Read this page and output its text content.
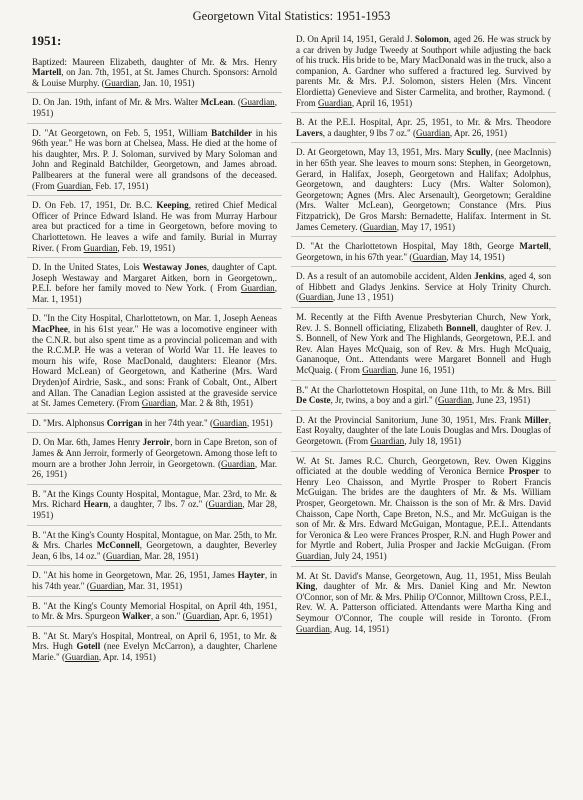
Georgetown Vital Statistics: 1951-1953
1951:
Baptized: Maureen Elizabeth, daughter of Mr. & Mrs. Henry Martell, on Jan. 7th, 1951, at St. James Church. Sponsors: Arnold & Louise Murphy. (Guardian, Jan. 10, 1951)
D. On Jan. 19th, infant of Mr. & Mrs. Walter McLean. (Guardian, 1951)
D. "At Georgetown, on Feb. 5, 1951, William Batchilder in his 96th year." He was born at Chelsea, Mass. He died at the home of his daughter, Mrs. P. J. Soloman, survived by Mary Soloman and John and Reginald Batchilder, Georgetown, and James abroad. Pallbearers at the funeral were all grandsons of the deceased. (From Guardian, Feb. 17, 1951)
D. On Feb. 17, 1951, Dr. B.C. Keeping, retired Chief Medical Officer of Prince Edward Island. He was from Murray Harbour area but practiced for a time in Georgetown, before moving to Charlottetown. He leaves a wife and family. Burial in Murray River. ( From Guardian, Feb. 19, 1951)
D. In the United States, Lois Westaway Jones, daughter of Capt. Joseph Westaway and Margaret Aitken, born in Georgetown,. P.E.I. before her family moved to New York. ( From Guardian, Mar. 1, 1951)
D. "In the City Hospital, Charlottetown, on Mar. 1, Joseph Aeneas MacPhee, in his 61st year." He was a locomotive engineer with the C.N.R. but also spent time as a provincial policeman and with the R.C.M.P. He was a veteran of World War 11. He leaves to mourn his wife, Rose MacDonald, daughters: Eleanor (Mrs. Howard McLean) of Georgetown, and Katherine (Mrs. Ward Dryden)of Airdrie, Sask., and sons: Frank of Cobalt, Ont., Albert and Allan. The Canadian Legion assisted at the graveside service at St. James Cemetery. (From Guardian, Mar. 2 & 8th, 1951)
D. "Mrs. Alphonsus Corrigan in her 74th year." (Guardian, 1951)
D. On Mar. 6th, James Henry Jerroir, born in Cape Breton, son of James & Ann Jerroir, formerly of Georgetown. Among those left to mourn are a brother John Jerroir, in Georgetown. (Guardian, Mar. 26, 1951)
B. "At the Kings County Hospital, Montague, Mar. 23rd, to Mr. & Mrs. Richard Hearn, a daughter, 7 lbs. 7 oz." (Guardian, Mar 28, 1951)
B. "At the King's County Hospital, Montague, on Mar. 25th, to Mr. & Mrs. Charles McConnell, Georgetown, a daughter, Beverley Jean, 6 lbs, 14 oz." (Guardian, Mar. 28, 1951)
D. "At his home in Georgetown, Mar. 26, 1951, James Hayter, in his 74th year." (Guardian, Mar. 31, 1951)
B. "At the King's County Memorial Hospital, on April 4th, 1951, to Mr. & Mrs. Spurgeon Walker, a son." (Guardian, Apr. 6, 1951)
B. "At St. Mary's Hospital, Montreal, on April 6, 1951, to Mr. & Mrs. Hugh Gotell (nee Evelyn McCarron), a daughter, Charlene Marie." (Guardian, Apr. 14, 1951)
D. On April 14, 1951, Gerald J. Solomon, aged 26. He was struck by a car driven by Judge Tweedy at Southport while adjusting the back of his truck. His bride to be, Mary MacDonald was in the truck, also a companion, A. Gardner who suffered a fractured leg. Survived by parents Mr. & Mrs. P.J. Solomon, sisters Helen (Mrs. Vincent Elordietta) Genevieve and Sister Carmelita, and brother, Raymond. ( From Guardian, April 16, 1951)
B. At the P.E.I. Hospital, Apr. 25, 1951, to Mr. & Mrs. Theodore Lavers, a daughter, 9 lbs 7 oz." (Guardian, Apr. 26, 1951)
D. At Georgetown, May 13, 1951, Mrs. Mary Scully, (nee MacInnis) in her 65th year. She leaves to mourn sons: Stephen, in Georgetown, Gerard, in Halifax, Joseph, Georgetown and Halifax; Adolphus, Georgetown, and daughters: Lucy (Mrs. Walter Solomon), Georgetown; Agnes (Mrs. Alec Arsenault), Georgetown; Geraldine (Mrs. Walter McLean), Georgetown; Constance (Mrs. Pius Fitzpatrick), De Gros Marsh: Bernadette, Halifax. Interment in St. James Cemetery. (Guardian, May 17, 1951)
D. "At the Charlottetown Hospital, May 18th, George Martell, Georgetown, in his 67th year." (Guardian, May 14, 1951)
D. As a result of an automobile accident, Alden Jenkins, aged 4, son of Hibbett and Gladys Jenkins. Service at Holy Trinity Church. (Guardian, June 13 , 1951)
M. Recently at the Fifth Avenue Presbyterian Church, New York, Rev. J. S. Bonnell officiating, Elizabeth Bonnell, daughter of Rev. J. S. Bonnell, of New York and The Highlands, Georgetown, P.E.I. and Rev. Alan Hayes McQuaig, son of Rev. & Mrs. Hugh McQuaig, Gananoque, Ont.. Attendants were Margaret Bonnell and Hugh McQuaig. ( From Guardian, June 16, 1951)
B." At the Charlottetown Hospital, on June 11th, to Mr. & Mrs. Bill De Coste, Jr, twins, a boy and a girl." (Guardian, June 23, 1951)
D. At the Provincial Sanitorium, June 30, 1951, Mrs. Frank Miller, East Royalty, daughter of the late Louis Douglas and Mrs. Douglas of Georgetown. (From Guardian, July 18, 1951)
W. At St. James R.C. Church, Georgetown, Rev. Owen Kiggins officiated at the double wedding of Veronica Bernice Prosper to Henry Leo Chaisson, and Myrtle Prosper to Robert Francis McGuigan. The brides are the daughters of Mr. & Ms. William Prosper, Georgetown. Mr. Chaisson is the son of Mr. & Mrs. David Chaisson, Cape North, Cape Breton, N.S., and Mr. McGuigan is the son of Mr. & Mrs. Edward McGuigan, Montague, P.E.I.. Attendants for Veronica & Leo were Frances Prosper, R.N. and Hugh Power and for Myrtle and Robert, Julia Prosper and Jackie McGuigan. (From Guardian, July 24, 1951)
M. At St. David's Manse, Georgetown, Aug. 11, 1951, Miss Beulah King, daughter of Mr. & Mrs. Daniel King and Mr. Newton O'Connor, son of Mr. & Mrs. Philip O'Connor, Milltown Cross, P.E.I., Rev. W. A. Patterson officiated. Attendants were Martha King and Seymour O'Connor, The couple will reside in Toronto. (From Guardian, Aug. 14, 1951)
